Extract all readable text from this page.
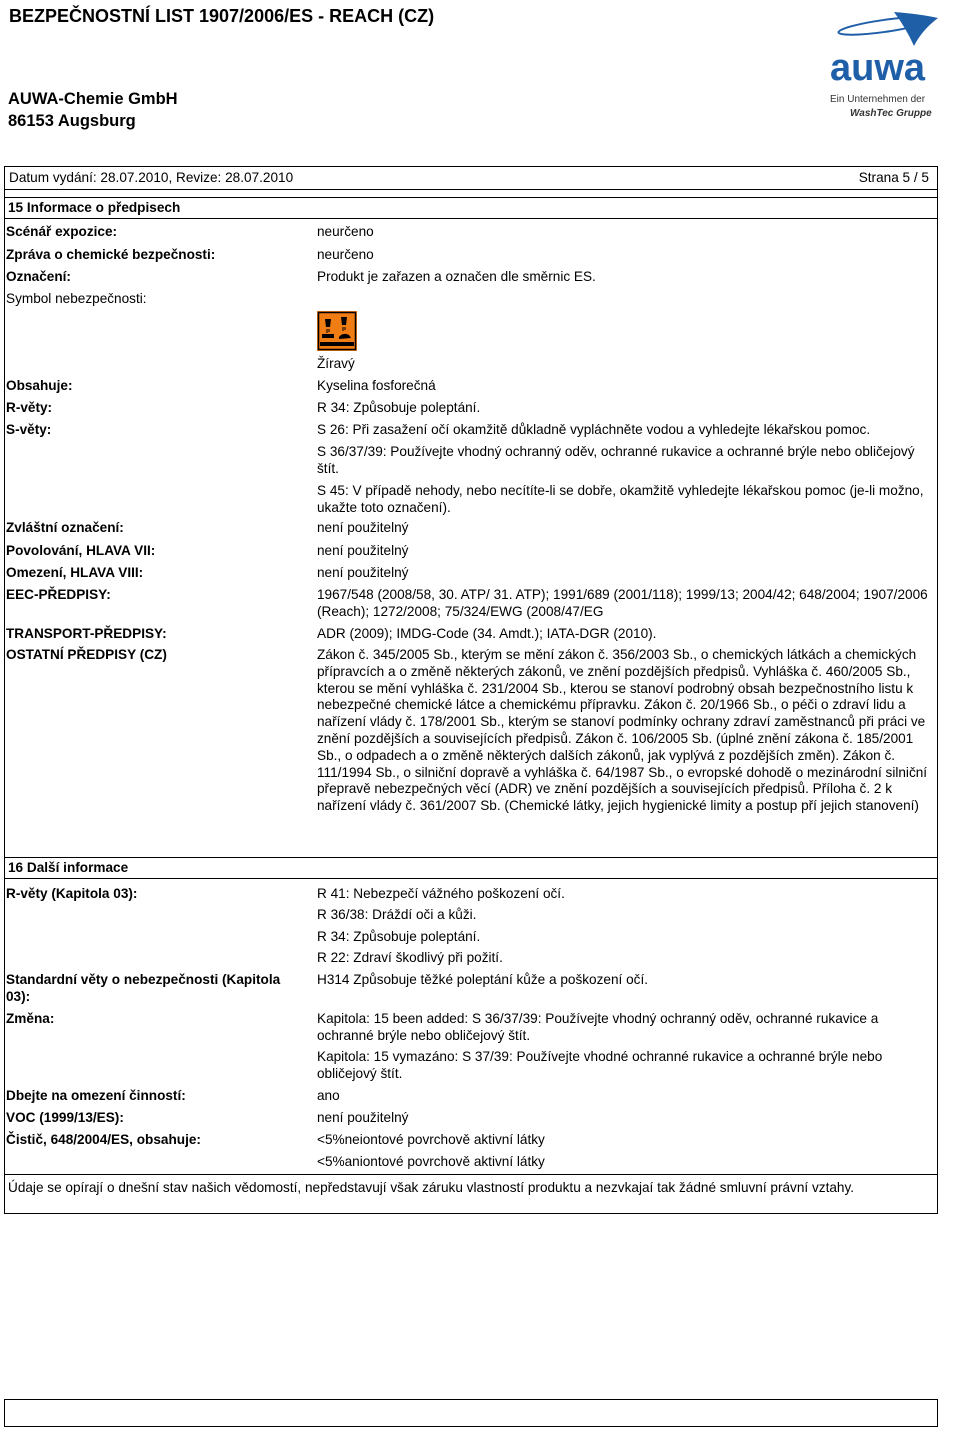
BEZPEČNOSTNÍ LIST 1907/2006/ES - REACH (CZ)
AUWA-Chemie GmbH
86153 Augsburg
auwa
Ein Unternehmen der
WashTec Gruppe
Datum vydání: 28.07.2010, Revize: 28.07.2010	Strana 5 / 5
15 Informace o předpisech
Scénář expozice:	neurčeno
Zpráva o chemické bezpečnosti:	neurčeno
Označení:	Produkt je zařazen a označen dle směrnic ES.
Symbol nebezpečnosti:
Žíravý
Obsahuje:	Kyselina fosforečná
R-věty:	R 34: Způsobuje poleptání.
S-věty:	S 26: Při zasažení očí okamžitě důkladně vypláchněte vodou a vyhledejte lékařskou pomoc.
S 36/37/39: Používejte vhodný ochranný oděv, ochranné rukavice a ochranné brýle nebo obličejový štít.
S 45: V případě nehody, nebo necítíte-li se dobře, okamžitě vyhledejte lékařskou pomoc (je-li možno, ukažte toto označení).
Zvláštní označení:	není použitelný
Povolování, HLAVA VII:	není použitelný
Omezení, HLAVA VIII:	není použitelný
EEC-PŘEDPISY:	1967/548 (2008/58, 30. ATP/ 31. ATP); 1991/689 (2001/118); 1999/13; 2004/42; 648/2004; 1907/2006 (Reach); 1272/2008; 75/324/EWG (2008/47/EG
TRANSPORT-PŘEDPISY:	ADR (2009); IMDG-Code (34. Amdt.); IATA-DGR (2010).
OSTATNÍ PŘEDPISY (CZ)	Zákon č. 345/2005 Sb., kterým se mění zákon č. 356/2003 Sb., o chemických látkách a chemických přípravcích a o změně některých zákonů, ve znění pozdějších předpisů. Vyhláška č. 460/2005 Sb., kterou se mění vyhláška č. 231/2004 Sb., kterou se stanoví podrobný obsah bezpečnostního listu k nebezpečné chemické látce a chemickému přípravku. Zákon č. 20/1966 Sb., o péči o zdraví lidu a nařízení vlády č. 178/2001 Sb., kterým se stanoví podmínky ochrany zdraví zaměstnanců při práci ve znění pozdějších a souvisejících předpisů. Zákon č. 106/2005 Sb. (úplné znění zákona č. 185/2001 Sb., o odpadech a o změně některých dalších zákonů, jak vyplývá z pozdějších změn). Zákon č. 111/1994 Sb., o silniční dopravě a vyhláška č. 64/1987 Sb., o evropské dohodě o mezinárodní silniční přepravě nebezpečných věcí (ADR) ve znění pozdějších a souvisejících předpisů. Příloha č. 2 k nařízení vlády č. 361/2007 Sb. (Chemické látky, jejich hygienické limity a postup pří jejich stanovení)
16 Další informace
R-věty (Kapitola 03):	R 41: Nebezpečí vážného poškození očí.
R 36/38: Dráždí oči a kůži.
R 34: Způsobuje poleptání.
R 22: Zdraví škodlivý při požití.
Standardní věty o nebezpečnosti (Kapitola 03):
H314 Způsobuje těžké poleptání kůže a poškození očí.
Změna:	Kapitola: 15 been added: S 36/37/39: Používejte vhodný ochranný oděv, ochranné rukavice a ochranné brýle nebo obličejový štít.
Kapitola: 15 vymazáno: S 37/39: Používejte vhodné ochranné rukavice a ochranné brýle nebo obličejový štít.
Dbejte na omezení činností:	ano
VOC (1999/13/ES):	není použitelný
Čistič, 648/2004/ES, obsahuje:	<5%neiontové povrchově aktivní látky
<5%aniontové povrchově aktivní látky
Údaje se opírají o dnešní stav našich vědomostí, nepředstavují však záruku vlastností produktu a nezvkajaí tak žádné smluvní právní vztahy.
